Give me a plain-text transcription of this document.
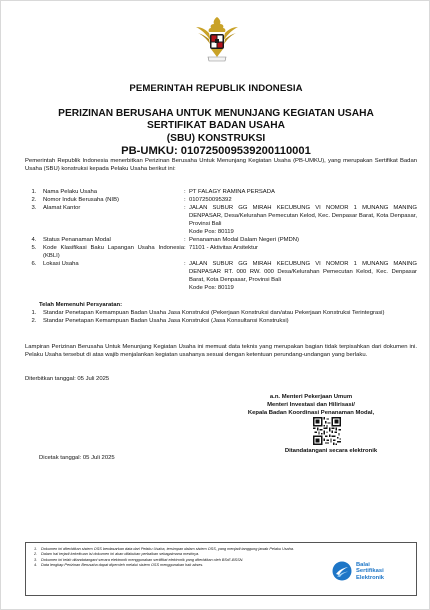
PEMERINTAH REPUBLIK INDONESIA
PERIZINAN BERUSAHA UNTUK MENUNJANG KEGIATAN USAHA
SERTIFIKAT BADAN USAHA
(SBU) KONSTRUKSI
PB-UMKU: 010725009539200110001
Pemerintah Republik Indonesia menerbitkan Perizinan Berusaha Untuk Menunjang Kegiatan Usaha (PB-UMKU), yang merupakan Sertifikat Badan Usaha (SBU) konstruksi kepada Pelaku Usaha berikut ini:
1.	Nama Pelaku Usaha	: PT FALAGY RAMINA PERSADA
2.	Nomor Induk Berusaha (NIB)	: 0107250095392
3.	Alamat Kantor	: JALAN SUBUR GG MIRAH KECUBUNG VI NOMOR 1 MUNANG MANING DENPASAR, Desa/Kelurahan Pemecutan Kelod, Kec. Denpasar Barat, Kota Denpasar, Provinsi Bali
Kode Pos: 80119
4.	Status Penanaman Modal	: Penanaman Modal Dalam Negeri (PMDN)
5.	Kode Klasifikasi Baku Lapangan Usaha Indonesia (KBLI)
: 71101 - Aktivitas Arsitektur
6.	Lokasi Usaha	: JALAN SUBUR GG MIRAH KECUBUNG VI NOMOR 1 MUNANG MANING DENPASAR RT. 000 RW. 000 Desa/Kelurahan Pemecutan Kelod, Kec. Denpasar Barat, Kota Denpasar, Provinsi Bali
Kode Pos: 80119
Telah Memenuhi Persyaratan:
1.	Standar Penetapan Kemampuan Badan Usaha Jasa Konstruksi (Pekerjaan Konstruksi dan/atau Pekerjaan Konstruksi Terintegrasi)
2.	Standar Penetapan Kemampuan Badan Usaha Jasa Konstruksi (Jasa Konsultansi Konstruksi)
Lampiran Perizinan Berusaha Untuk Menunjang Kegiatan Usaha ini memuat data teknis yang merupakan bagian tidak terpisahkan dari dokumen ini. Pelaku Usaha tersebut di atas wajib menjalankan kegiatan usahanya sesuai dengan ketentuan perundang-undangan yang berlaku.
Diterbitkan tanggal: 05 Juli 2025
a.n. Menteri Pekerjaan Umum
Menteri Investasi dan Hilirisasi/
Kepala Badan Koordinasi Penanaman Modal,
Ditandatangani secara elektronik
Dicetak tanggal: 05 Juli 2025
1.	Dokumen ini diterbitkan sistem OSS berdasarkan data dari Pelaku Usaha, tersimpan dalam sistem OSS, yang menjadi tanggung jawab Pelaku Usaha.
2.	Dalam hal terjadi kekeliruan isi dokumen ini akan dilakukan perbaikan sebagaimana mestinya.
3.	Dokumen ini telah ditandatangani secara elektronik menggunakan sertifikat elektronik yang diterbitkan oleh BSrE-BSSN.
4.	Data lengkap Perizinan Berusaha dapat diperoleh melalui sistem OSS menggunakan hak akses.	Balai
Sertifikasi
Elektronik
